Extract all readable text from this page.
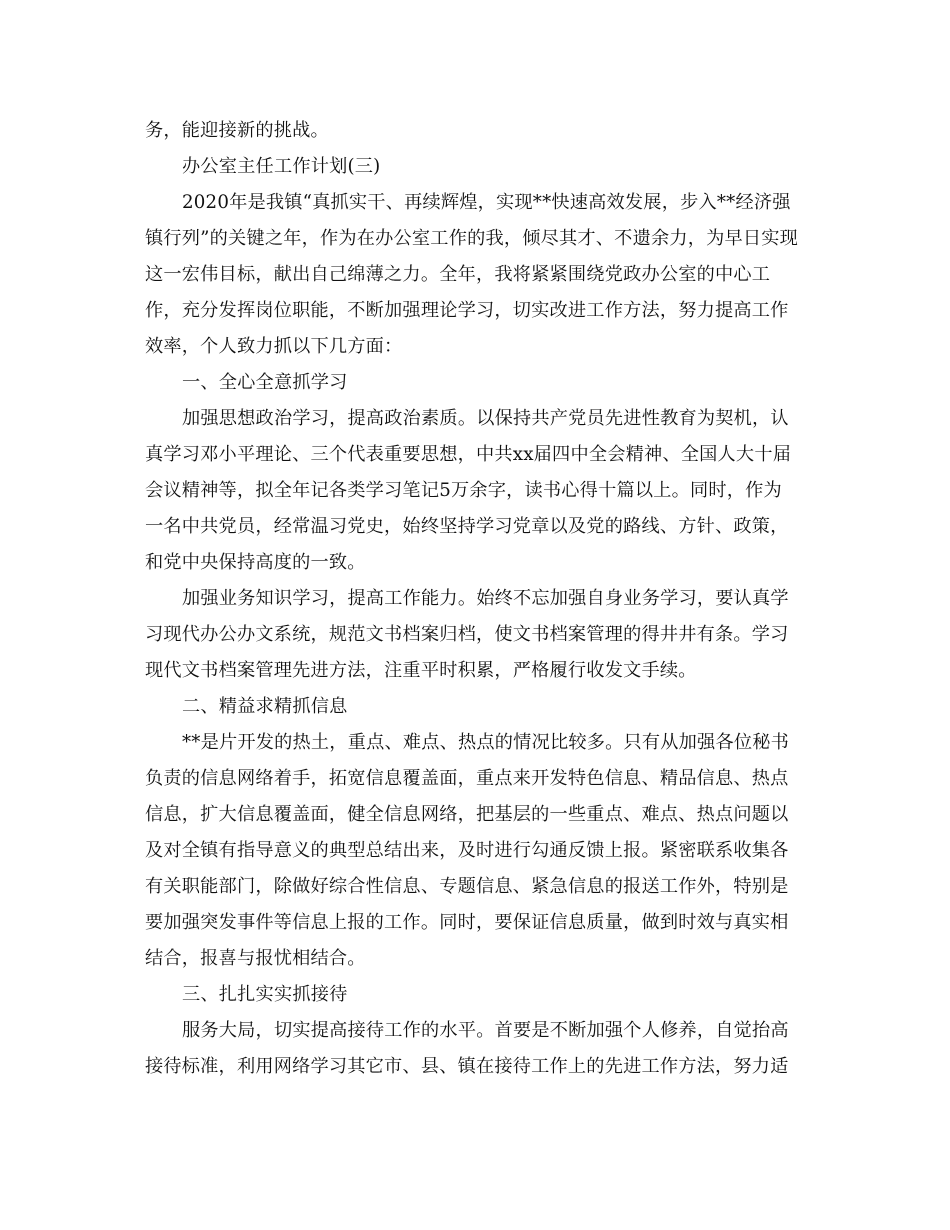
务，能迎接新的挑战。
办公室主任工作计划(三)
2020年是我镇“真抓实干、再续辉煌，实现**快速高效发展，步入**经济强
镇行列”的关键之年，作为在办公室工作的我，倾尽其才、不遗余力，为早日实现
这一宏伟目标，献出自己绵薄之力。全年，我将紧紧围绕党政办公室的中心工
作，充分发挥岗位职能，不断加强理论学习，切实改进工作方法，努力提高工作
效率，个人致力抓以下几方面：
一、全心全意抓学习
加强思想政治学习，提高政治素质。以保持共产党员先进性教育为契机，认
真学习邓小平理论、三个代表重要思想，中共xx届四中全会精神、全国人大十届
会议精神等，拟全年记各类学习笔记5万余字，读书心得十篇以上。同时，作为
一名中共党员，经常温习党史，始终坚持学习党章以及党的路线、方针、政策，
和党中央保持高度的一致。
加强业务知识学习，提高工作能力。始终不忘加强自身业务学习，要认真学
习现代办公办文系统，规范文书档案归档，使文书档案管理的得井井有条。学习
现代文书档案管理先进方法，注重平时积累，严格履行收发文手续。
二、精益求精抓信息
**是片开发的热土，重点、难点、热点的情况比较多。只有从加强各位秘书
负责的信息网络着手，拓宽信息覆盖面，重点来开发特色信息、精品信息、热点
信息，扩大信息覆盖面，健全信息网络，把基层的一些重点、难点、热点问题以
及对全镇有指导意义的典型总结出来，及时进行勾通反馈上报。紧密联系收集各
有关职能部门，除做好综合性信息、专题信息、紧急信息的报送工作外，特别是
要加强突发事件等信息上报的工作。同时，要保证信息质量，做到时效与真实相
结合，报喜与报忧相结合。
三、扎扎实实抓接待
服务大局，切实提高接待工作的水平。首要是不断加强个人修养，自觉抬高
接待标准，利用网络学习其它市、县、镇在接待工作上的先进工作方法，努力适
